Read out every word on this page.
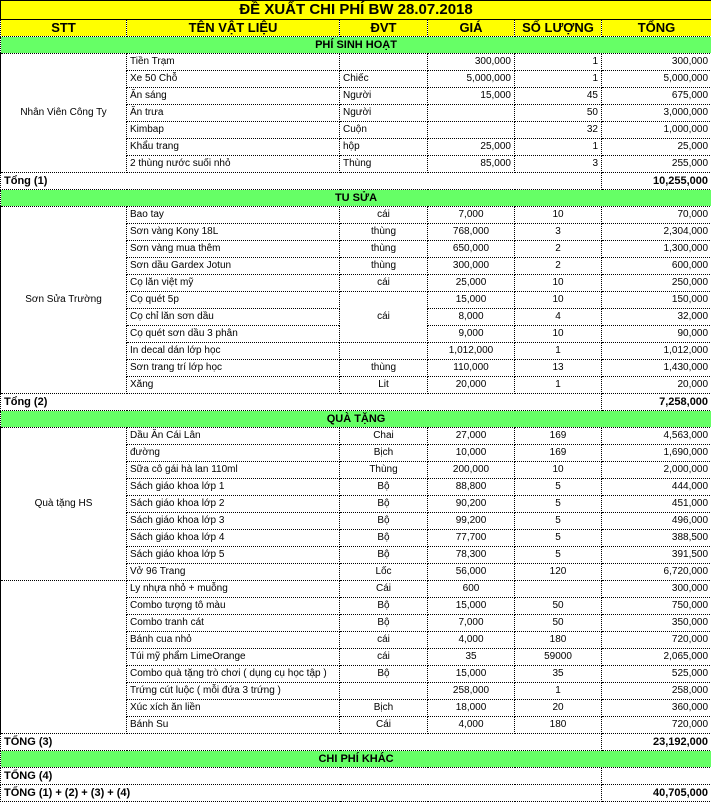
ĐỀ XUẤT CHI PHÍ BW 28.07.2018					
STT	TÊN VẬT LIỆU	ĐVT	GIÁ	SỐ LƯỢNG	TỔNG
PHÍ SINH HOẠT					
Nhân Viên Công Ty	Tiền Trạm		300,000	1	300,000
	Xe 50 Chỗ	Chiếc	5,000,000	1	5,000,000
	Ăn sáng	Người	15,000	45	675,000
	Ăn trưa	Người		50	3,000,000
	Kimbap	Cuộn		32	1,000,000
	Khẩu trang	hộp	25,000	1	25,000
	2 thùng nước suối nhỏ	Thùng	85,000	3	255,000
Tổng (1)					10,255,000
TU SỬA					
Sơn Sửa Trường	Bao tay	cái	7,000	10	70,000
	Sơn vàng Kony 18L	thùng	768,000	3	2,304,000
	Sơn vàng mua thêm	thùng	650,000	2	1,300,000
	Sơn dầu Gardex Jotun	thùng	300,000	2	600,000
	Cọ lăn việt mỹ	cái	25,000	10	250,000
	Cọ quét 5p	cái	15,000	10	150,000
	Cọ chỉ lăn sơn dầu		8,000	4	32,000
	Cọ quét sơn dầu 3 phân		9,000	10	90,000
	In decal dán lớp học		1,012,000	1	1,012,000
	Sơn trang trí lớp học	thùng	110,000	13	1,430,000
	Xăng	Lit	20,000	1	20,000
Tổng (2)					7,258,000
QUÀ TẶNG					
Quà tặng HS	Dầu Ăn Cái Lân	Chai	27,000	169	4,563,000
	đường	Bịch	10,000	169	1,690,000
	Sữa cô gái hà lan 110ml	Thùng	200,000	10	2,000,000
	Sách giáo khoa lớp 1	Bộ	88,800	5	444,000
	Sách giáo khoa lớp 2	Bộ	90,200	5	451,000
	Sách giáo khoa lớp 3	Bộ	99,200	5	496,000
	Sách giáo khoa lớp 4	Bộ	77,700	5	388,500
	Sách giáo khoa lớp 5	Bộ	78,300	5	391,500
	Vở 96 Trang	Lốc	56,000	120	6,720,000
	Ly nhựa nhỏ + muỗng	Cái	600		300,000
	Combo tượng tô màu	Bộ	15,000	50	750,000
	Combo tranh cát	Bộ	7,000	50	350,000
	Bánh cua nhỏ	cái	4,000	180	720,000
	Túi mỹ phẩm LimeOrange	cái	35	59000	2,065,000
	Combo quà tặng trò chơi ( dụng cụ học tập )	Bộ	15,000	35	525,000
	Trứng cút luộc ( mỗi đứa 3 trứng )		258,000	1	258,000
	Xúc xích ăn liền	Bịch	18,000	20	360,000
	Bánh Su	Cái	4,000	180	720,000
TỔNG (3)					23,192,000
CHI PHÍ KHÁC					
TỔNG (4)					
TỔNG (1) + (2) + (3) + (4)					40,705,000
